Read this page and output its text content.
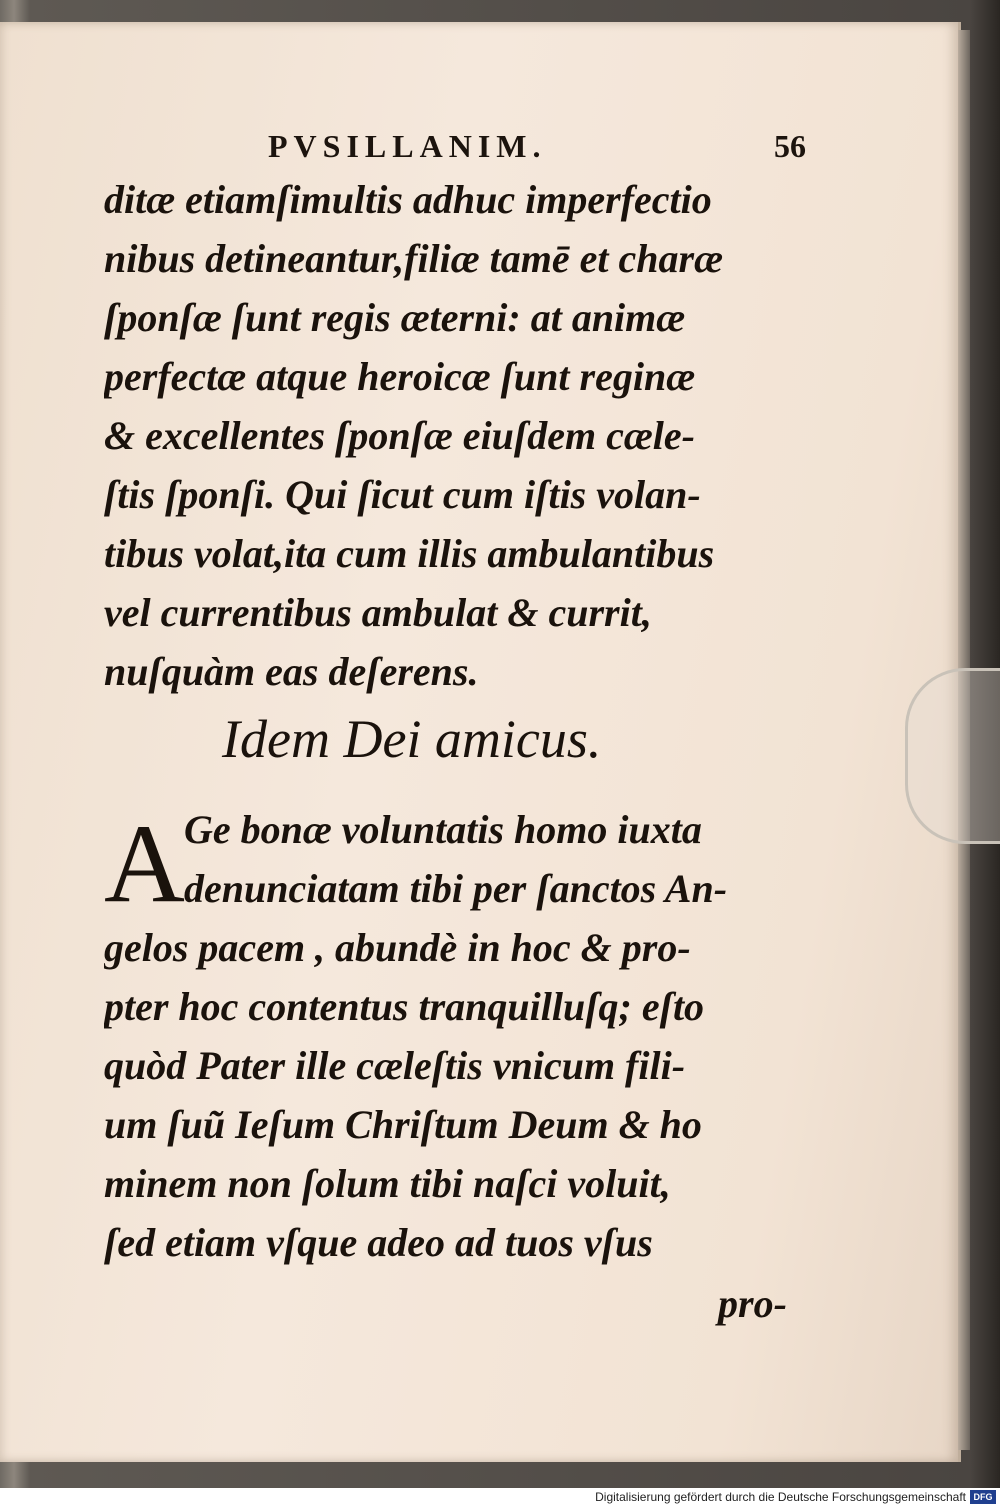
PVSILLANIM.	56
ditæ etiamſimultis adhuc imperfectio
nibus detineantur,filiæ tamē et charæ
ſponſæ ſunt regis æterni: at animæ
perfectæ atque heroicæ ſunt reginæ
& excellentes ſponſæ eiuſdem cæle-
ſtis ſponſi. Qui ſicut cum iſtis volan-
tibus volat,ita cum illis ambulantibus
vel currentibus ambulat & currit,
nuſquàm eas deſerens.
Idem Dei amicus.
A Ge bonæ voluntatis homo iuxta
denunciatam tibi per ſanctos An-
gelos pacem , abundè in hoc & pro-
pter hoc contentus tranquilluſq; eſto
quòd Pater ille cæleſtis vnicum fili-
um ſuũ Ieſum Chriſtum Deum & ho
minem non ſolum tibi naſci voluit,
ſed etiam vſque adeo ad tuos vſus
pro-
Digitalisierung gefördert durch die Deutsche Forschungsgemeinschaft DFG
